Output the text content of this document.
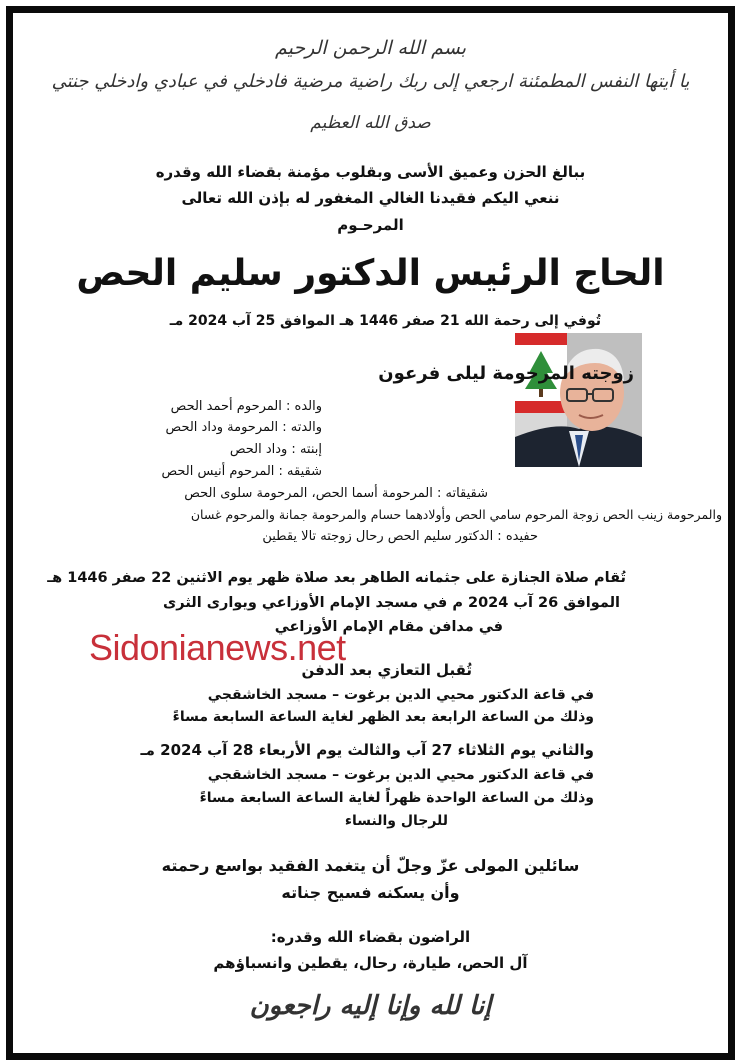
بسم الله الرحمن الرحيم
يا أيتها النفس المطمئنة ارجعي إلى ربك راضية مرضية فادخلي في عبادي وادخلي جنتي
صدق الله العظيم
ببالغ الحزن وعميق الأسى وبقلوب مؤمنة بقضاء الله وقدره
ننعي اليكم فقيدنا الغالي المغفور له بإذن الله تعالى
المرحـوم
الحاج الرئيس الدكتور سليم الحص
تُوفي إلى رحمة الله 21 صفر 1446 هـ الموافق 25 آب 2024 مـ
زوجته المرحومة ليلى فرعون
والده : المرحوم أحمد الحص
والدته : المرحومة وداد الحص
إبنته : وداد الحص
شقيقه : المرحوم أنيس الحص
شقيقاته : المرحومة أسما الحص، المرحومة سلوى الحص
والمرحومة زينب الحص زوجة المرحوم سامي الحص وأولادهما حسام والمرحومة جمانة والمرحوم غسان
حفيده : الدكتور سليم الحص رحال زوجته تالا يقطين
تُقام صلاة الجنازة على جثمانه الطاهر بعد صلاة ظهر يوم الاثنين 22 صفر 1446 هـ
الموافق 26 آب 2024 م في مسجد الإمام الأوزاعي ويوارى الثرى
في مدافن مقام الإمام الأوزاعي
Sidonianews.net
تُقبل التعازي بعد الدفن
في قاعة الدكتور محيي الدين برغوت – مسجد الخاشقجي
وذلك من الساعة الرابعة بعد الظهر لغاية الساعة السابعة مساءً
والثاني يوم الثلاثاء 27 آب والثالث يوم الأربعاء 28 آب 2024 مـ
في قاعة الدكتور محيي الدين برغوت – مسجد الخاشقجي
وذلك من الساعة الواحدة ظهراً لغاية الساعة السابعة مساءً
للرجال والنساء
سائلين المولى عزّ وجلّ أن يتغمد الفقيد بواسع رحمته
وأن يسكنه فسيح جناته
الراضون بقضاء الله وقدره:
آل الحص، طيارة، رحال، يقطين وانسباؤهم
إنا لله وإنا إليه راجعون
